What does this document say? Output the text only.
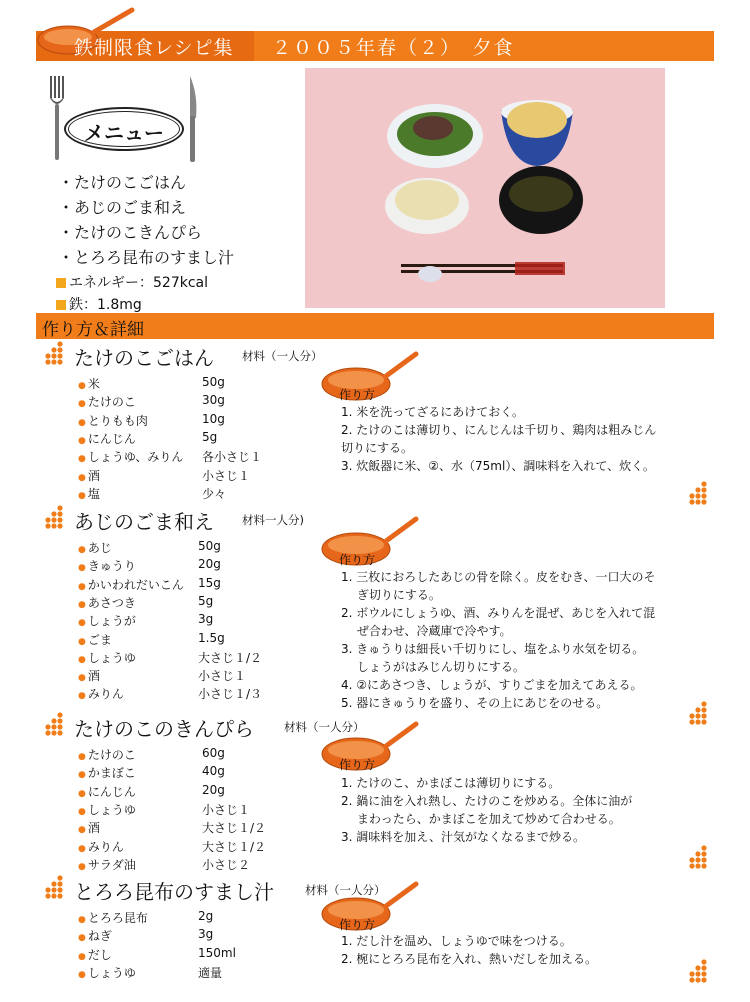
鉄制限食レシピ集 ２００５年春（２）　夕食
メニュー
・たけのこごはん
・あじのごま和え
・たけのこきんぴら
・とろろ昆布のすまし汁
エネルギー：527kcal
鉄：1.8mg
作り方＆詳細
たけのこごはん 材料（一人分）
● 米	50g
● たけのこ	30g
● とりもも肉	10g
● にんじん	5g
● しょうゆ、みりん 各小さじ１
● 酒	小さじ１
● 塩	少々
作り方
1. 米を洗ってざるにあけておく。
2. たけのこは薄切り、にんじんは千切り、鶏肉は粗みじん
切りにする。
3. 炊飯器に米、②、水（75ml）、調味料を入れて、炊く。
あじのごま和え 材料一人分)
● あじ	50g
● きゅうり	20g
● かいわれだいこん 15g
● あさつき	5g
● しょうが	3g
● ごま	1.5g
● しょうゆ	大さじ１/２
● 酒	小さじ１
● みりん	小さじ１/３
作り方
1. 三枚におろしたあじの骨を除く。皮をむき、一口大のそ
　 ぎ切りにする。
2. ボウルにしょうゆ、酒、みりんを混ぜ、あじを入れて混
　 ぜ合わせ、冷蔵庫で冷やす。
3. きゅうりは細長い千切りにし、塩をふり水気を切る。
　 しょうがはみじん切りにする。
4. ②にあさつき、しょうが、すりごまを加えてあえる。
5. 器にきゅうりを盛り、その上にあじをのせる。
たけのこのきんぴら	材料（一人分）
● たけのこ	60g
● かまぼこ	40g
● にんじん	20g
● しょうゆ	小さじ１
● 酒	大さじ１/２
● みりん	大さじ１/２
● サラダ油	小さじ２
作り方
1. たけのこ、かまぼこは薄切りにする。
2. 鍋に油を入れ熱し、たけのこを炒める。全体に油が
　 まわったら、かまぼこを加えて炒めて合わせる。
3. 調味料を加え、汁気がなくなるまで炒る。
とろろ昆布のすまし汁	材料（一人分）
● とろろ昆布	2g
● ねぎ	3g
● だし	150ml
● しょうゆ	適量
作り方
1. だし汁を温め、しょうゆで味をつける。
2. 椀にとろろ昆布を入れ、熱いだしを加える。
